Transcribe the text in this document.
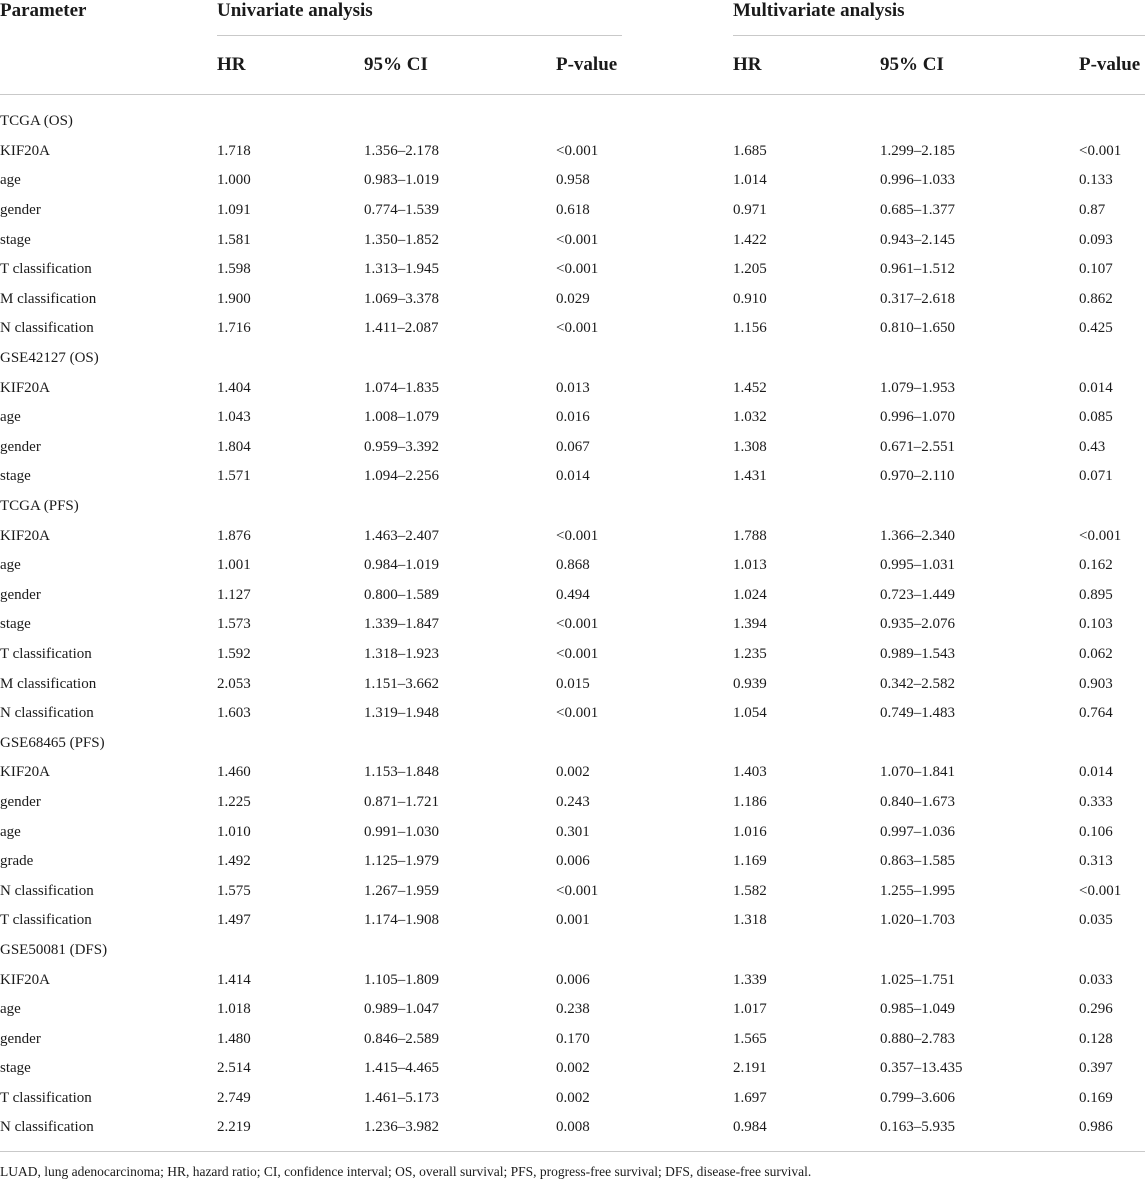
Parameter	Univariate analysis			Multivariate analysis		

	HR	95% CI	P-value	HR	95% CI	P-value

TCGA (OS)						
KIF20A	1.718	1.356–2.178	<0.001	1.685	1.299–2.185	<0.001
age	1.000	0.983–1.019	0.958	1.014	0.996–1.033	0.133
gender	1.091	0.774–1.539	0.618	0.971	0.685–1.377	0.87
stage	1.581	1.350–1.852	<0.001	1.422	0.943–2.145	0.093
T classification	1.598	1.313–1.945	<0.001	1.205	0.961–1.512	0.107
M classification	1.900	1.069–3.378	0.029	0.910	0.317–2.618	0.862
N classification	1.716	1.411–2.087	<0.001	1.156	0.810–1.650	0.425
GSE42127 (OS)						
KIF20A	1.404	1.074–1.835	0.013	1.452	1.079–1.953	0.014
age	1.043	1.008–1.079	0.016	1.032	0.996–1.070	0.085
gender	1.804	0.959–3.392	0.067	1.308	0.671–2.551	0.43
stage	1.571	1.094–2.256	0.014	1.431	0.970–2.110	0.071
TCGA (PFS)						
KIF20A	1.876	1.463–2.407	<0.001	1.788	1.366–2.340	<0.001
age	1.001	0.984–1.019	0.868	1.013	0.995–1.031	0.162
gender	1.127	0.800–1.589	0.494	1.024	0.723–1.449	0.895
stage	1.573	1.339–1.847	<0.001	1.394	0.935–2.076	0.103
T classification	1.592	1.318–1.923	<0.001	1.235	0.989–1.543	0.062
M classification	2.053	1.151–3.662	0.015	0.939	0.342–2.582	0.903
N classification	1.603	1.319–1.948	<0.001	1.054	0.749–1.483	0.764
GSE68465 (PFS)						
KIF20A	1.460	1.153–1.848	0.002	1.403	1.070–1.841	0.014
gender	1.225	0.871–1.721	0.243	1.186	0.840–1.673	0.333
age	1.010	0.991–1.030	0.301	1.016	0.997–1.036	0.106
grade	1.492	1.125–1.979	0.006	1.169	0.863–1.585	0.313
N classification	1.575	1.267–1.959	<0.001	1.582	1.255–1.995	<0.001
T classification	1.497	1.174–1.908	0.001	1.318	1.020–1.703	0.035
GSE50081 (DFS)						
KIF20A	1.414	1.105–1.809	0.006	1.339	1.025–1.751	0.033
age	1.018	0.989–1.047	0.238	1.017	0.985–1.049	0.296
gender	1.480	0.846–2.589	0.170	1.565	0.880–2.783	0.128
stage	2.514	1.415–4.465	0.002	2.191	0.357–13.435	0.397
T classification	2.749	1.461–5.173	0.002	1.697	0.799–3.606	0.169
N classification	2.219	1.236–3.982	0.008	0.984	0.163–5.935	0.986
LUAD, lung adenocarcinoma; HR, hazard ratio; CI, confidence interval; OS, overall survival; PFS, progress-free survival; DFS, disease-free survival.
